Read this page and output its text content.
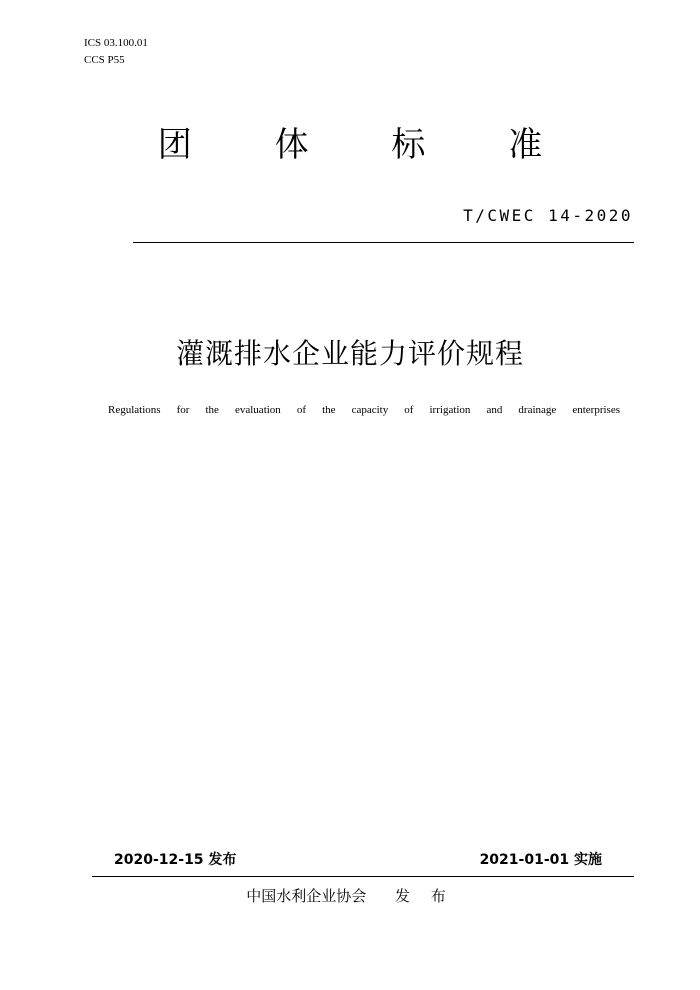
ICS 03.100.01
CCS P55
团 体 标 准
T/CWEC 14-2020
灌溉排水企业能力评价规程
Regulations for the evaluation of the capacity of irrigation and drainage enterprises
2020-12-15 发布	2021-01-01 实施
中国水利企业协会 发 布
